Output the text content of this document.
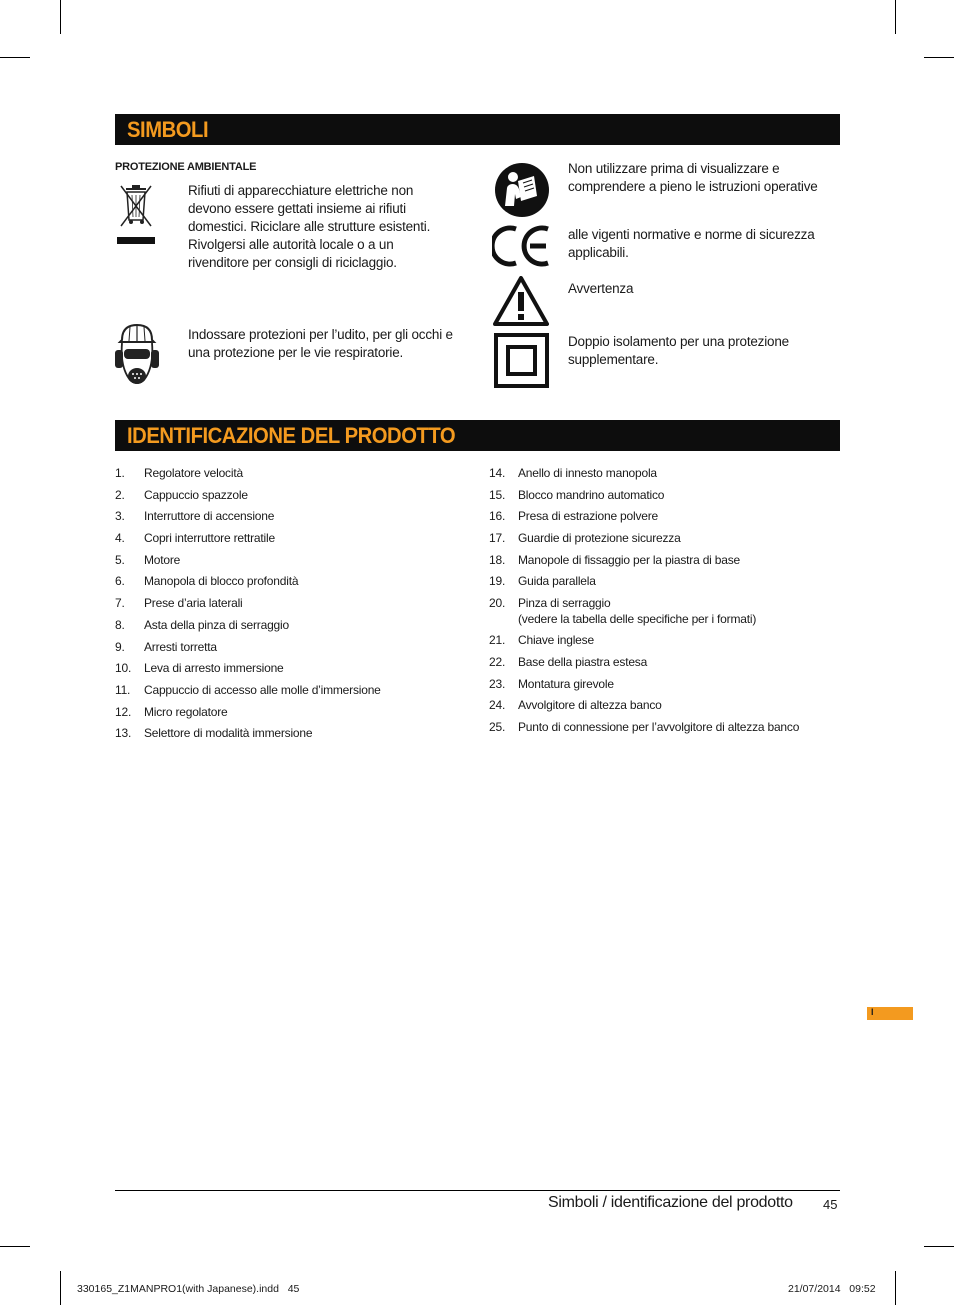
SIMBOLI
PROTEZIONE AMBIENTALE
Rifiuti di apparecchiature elettriche non devono essere gettati insieme ai rifiuti domestici. Riciclare alle strutture esistenti. Rivolgersi alle autorità locale o a un rivenditore per consigli di riciclaggio.
Indossare protezioni per l’udito, per gli occhi e una protezione per le vie respiratorie.
Non utilizzare prima di visualizzare e comprendere a pieno le istruzioni operative
alle vigenti normative e norme di sicurezza applicabili.
Avvertenza
Doppio isolamento per una protezione supplementare.
IDENTIFICAZIONE DEL PRODOTTO
1. Regolatore velocità
2. Cappuccio spazzole
3. Interruttore di accensione
4. Copri interruttore rettratile
5. Motore
6. Manopola di blocco profondità
7. Prese d’aria laterali
8. Asta della pinza di serraggio
9. Arresti torretta
10. Leva di arresto immersione
11. Cappuccio di accesso alle molle d’immersione
12. Micro regolatore
13. Selettore di modalità immersione
14. Anello di innesto manopola
15. Blocco mandrino automatico
16. Presa di estrazione polvere
17. Guardie di protezione sicurezza
18. Manopole di fissaggio per la piastra di base
19. Guida parallela
20. Pinza di serraggio
(vedere la tabella delle specifiche per i formati)
21. Chiave inglese
22. Base della piastra estesa
23. Montatura girevole
24. Avvolgitore di altezza banco
25. Punto di connessione per l’avvolgitore di altezza banco
I
Simboli / identificazione del prodotto 45
330165_Z1MANPRO1(with Japanese).indd   45	21/07/2014   09:52
